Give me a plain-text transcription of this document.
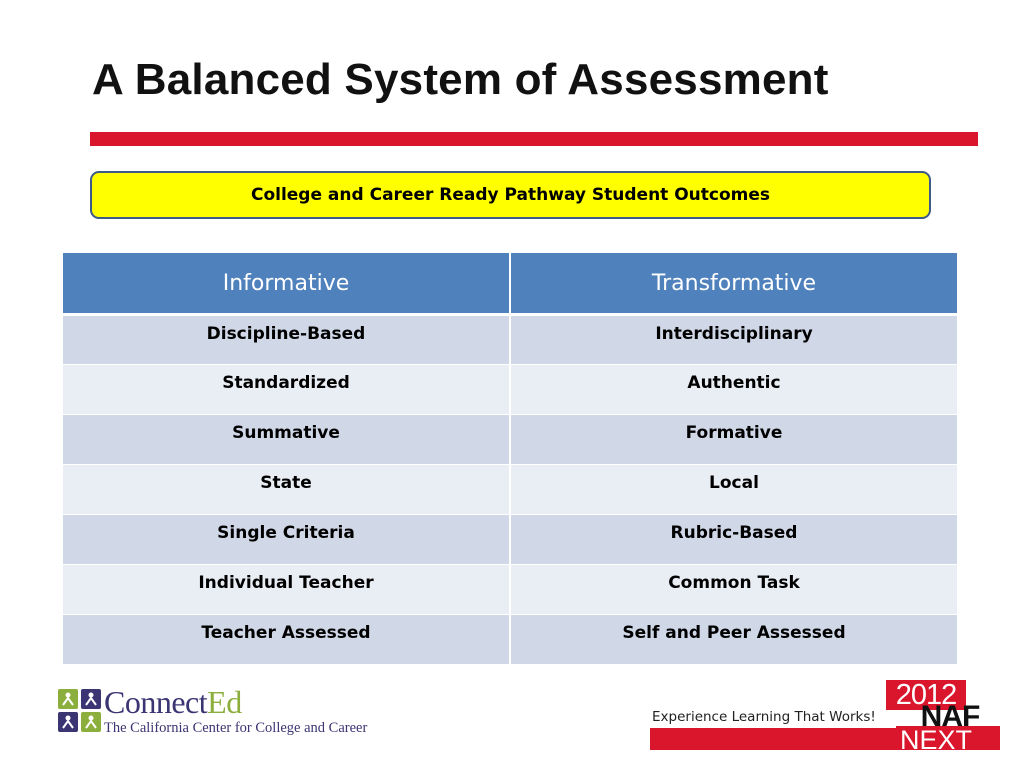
A Balanced System of Assessment
College and Career Ready Pathway Student Outcomes
Informative	Transformative
Discipline-Based	Interdisciplinary
Standardized	Authentic
Summative	Formative
State	Local
Single Criteria	Rubric-Based
Individual Teacher	Common Task
Teacher Assessed	Self and Peer Assessed
ConnectEd
The California Center for College and Career
Experience Learning That Works!
2012
NAF
NEXT
